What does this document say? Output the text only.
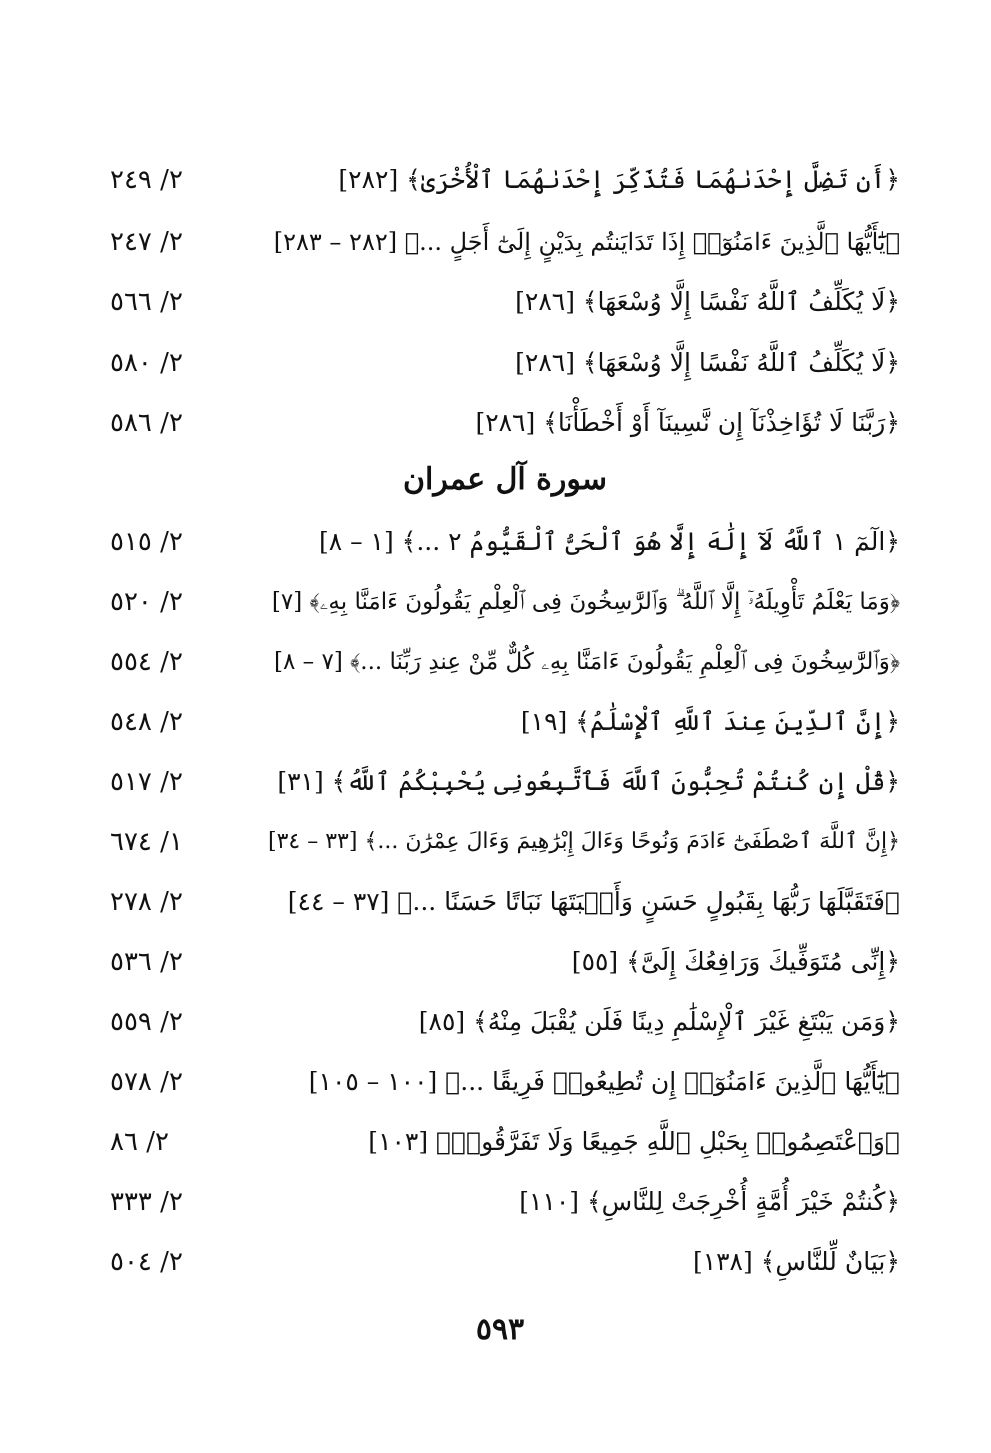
٢/ ٢٤٩	﴿أَن تَضِلَّ إِحْدَىٰهُمَا فَتُذَكِّرَ إِحْدَىٰهُمَا ٱلْأُخْرَىٰ﴾ [٢٨٢]
٢/ ٢٤٧	﴿يَٰٓأَيُّهَا ٱلَّذِينَ ءَامَنُوٓا۟ إِذَا تَدَايَنتُم بِدَيْنٍ إِلَىٰٓ أَجَلٍ ...﴾ [٢٨٢ – ٢٨٣]
٢/ ٥٦٦	﴿لَا يُكَلِّفُ ٱللَّهُ نَفْسًا إِلَّا وُسْعَهَا﴾ [٢٨٦]
٢/ ٥٨٠	﴿لَا يُكَلِّفُ ٱللَّهُ نَفْسًا إِلَّا وُسْعَهَا﴾ [٢٨٦]
٢/ ٥٨٦	﴿رَبَّنَا لَا تُؤَاخِذْنَآ إِن نَّسِينَآ أَوْ أَخْطَأْنَا﴾ [٢٨٦]
سورة آل عمران
٢/ ٥١٥	﴿الٓمٓ ١ ٱللَّهُ لَآ إِلَٰهَ إِلَّا هُوَ ٱلْحَىُّ ٱلْقَيُّومُ ٢ ...﴾ [١ – ٨]
٢/ ٥٢٠	﴿وَمَا يَعْلَمُ تَأْوِيلَهُۥٓ إِلَّا ٱللَّهُ ۗ وَٱلرَّٰسِخُونَ فِى ٱلْعِلْمِ يَقُولُونَ ءَامَنَّا بِهِۦ﴾ [٧]
٢/ ٥٥٤	﴿وَٱلرَّٰسِخُونَ فِى ٱلْعِلْمِ يَقُولُونَ ءَامَنَّا بِهِۦ كُلٌّ مِّنْ عِندِ رَبِّنَا ...﴾ [٧ – ٨]
٢/ ٥٤٨	﴿إِنَّ ٱلدِّينَ عِندَ ٱللَّهِ ٱلْإِسْلَٰمُ﴾ [١٩]
٢/ ٥١٧	﴿قُلْ إِن كُنتُمْ تُحِبُّونَ ٱللَّهَ فَٱتَّبِعُونِى يُحْبِبْكُمُ ٱللَّهُ﴾ [٣١]
١/ ٦٧٤	﴿إِنَّ ٱللَّهَ ٱصْطَفَىٰٓ ءَادَمَ وَنُوحًا وَءَالَ إِبْرَٰهِيمَ وَءَالَ عِمْرَٰنَ ...﴾ [٣٣ – ٣٤]
٢/ ٢٧٨	﴿فَتَقَبَّلَهَا رَبُّهَا بِقَبُولٍ حَسَنٍ وَأَنۢبَتَهَا نَبَاتًا حَسَنًا ...﴾ [٣٧ – ٤٤]
٢/ ٥٣٦	﴿إِنِّى مُتَوَفِّيكَ وَرَافِعُكَ إِلَىَّ﴾ [٥٥]
٢/ ٥٥٩	﴿وَمَن يَبْتَغِ غَيْرَ ٱلْإِسْلَٰمِ دِينًا فَلَن يُقْبَلَ مِنْهُ﴾ [٨٥]
٢/ ٥٧٨	﴿يَٰٓأَيُّهَا ٱلَّذِينَ ءَامَنُوٓا۟ إِن تُطِيعُوا۟ فَرِيقًا ...﴾ [١٠٠ – ١٠٥]
٢/ ٨٦	﴿وَٱعْتَصِمُوا۟ بِحَبْلِ ٱللَّهِ جَمِيعًا وَلَا تَفَرَّقُوا۟﴾ [١٠٣]
٢/ ٣٣٣	﴿كُنتُمْ خَيْرَ أُمَّةٍ أُخْرِجَتْ لِلنَّاسِ﴾ [١١٠]
٢/ ٥٠٤	﴿بَيَانٌ لِّلنَّاسِ﴾ [١٣٨]
٥٩٣
